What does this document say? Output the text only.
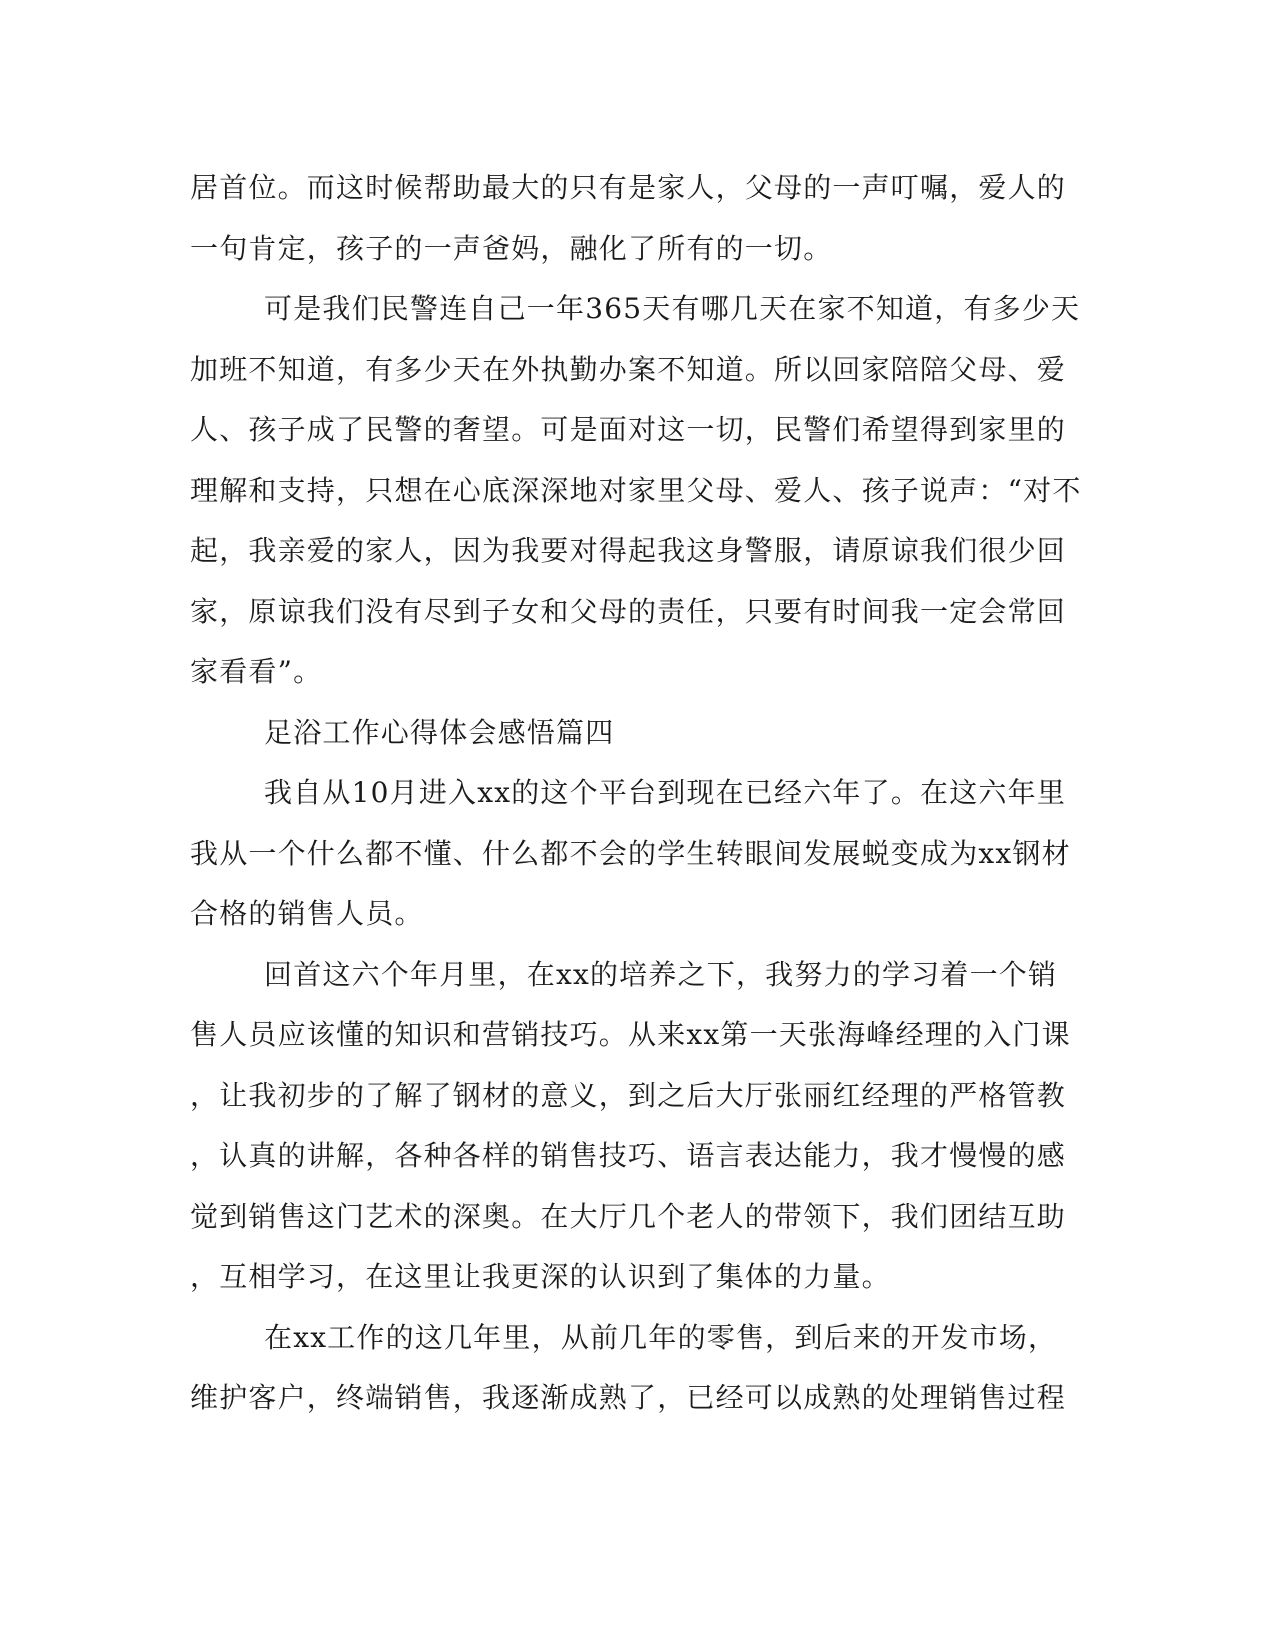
居首位。而这时候帮助最大的只有是家人，父母的一声叮嘱，爱人的
一句肯定，孩子的一声爸妈，融化了所有的一切。
可是我们民警连自己一年365天有哪几天在家不知道，有多少天
加班不知道，有多少天在外执勤办案不知道。所以回家陪陪父母、爱
人、孩子成了民警的奢望。可是面对这一切，民警们希望得到家里的
理解和支持，只想在心底深深地对家里父母、爱人、孩子说声：“对不
起，我亲爱的家人，因为我要对得起我这身警服，请原谅我们很少回
家，原谅我们没有尽到子女和父母的责任，只要有时间我一定会常回
家看看”。
足浴工作心得体会感悟篇四
我自从10月进入xx的这个平台到现在已经六年了。在这六年里
我从一个什么都不懂、什么都不会的学生转眼间发展蜕变成为xx钢材
合格的销售人员。
回首这六个年月里，在xx的培养之下，我努力的学习着一个销
售人员应该懂的知识和营销技巧。从来xx第一天张海峰经理的入门课
，让我初步的了解了钢材的意义，到之后大厅张丽红经理的严格管教
，认真的讲解，各种各样的销售技巧、语言表达能力，我才慢慢的感
觉到销售这门艺术的深奥。在大厅几个老人的带领下，我们团结互助
，互相学习，在这里让我更深的认识到了集体的力量。
在xx工作的这几年里，从前几年的零售，到后来的开发市场，
维护客户，终端销售，我逐渐成熟了，已经可以成熟的处理销售过程
